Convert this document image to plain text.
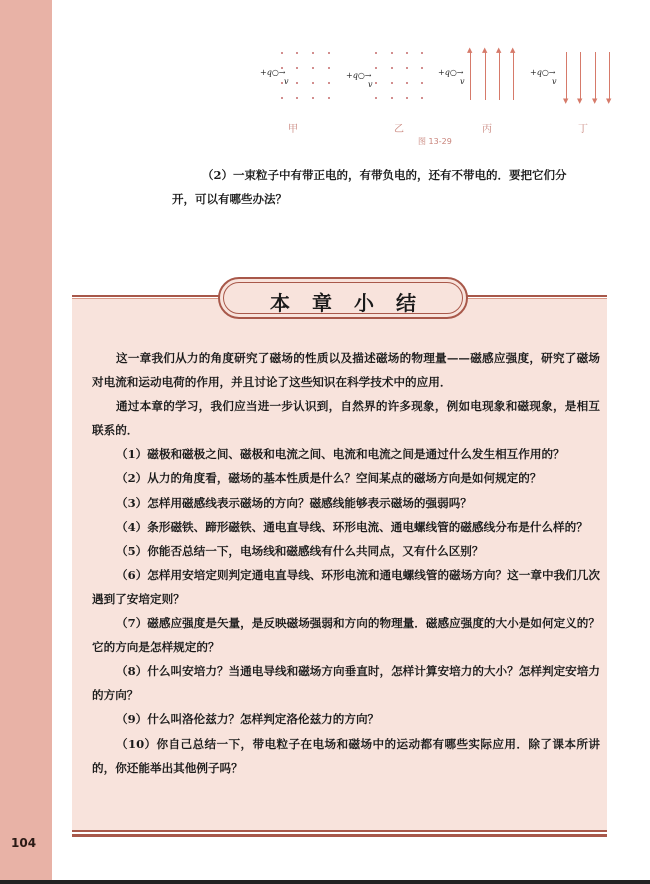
104
+q○→
v
甲
+q○→
v
乙
▲ ▲ ▲ ▲
+q○→
v
丙
▼ ▼ ▼ ▼
+q○→
v
丁
图 13-29
（2）一束粒子中有带正电的，有带负电的，还有不带电的．要把它们分
开，可以有哪些办法？
本章小结

这一章我们从力的角度研究了磁场的性质以及描述磁场的物理量——磁感应强度，研究了磁场对电流和运动电荷的作用，并且讨论了这些知识在科学技术中的应用．

通过本章的学习，我们应当进一步认识到，自然界的许多现象，例如电现象和磁现象，是相互联系的．

（1）磁极和磁极之间、磁极和电流之间、电流和电流之间是通过什么发生相互作用的？

（2）从力的角度看，磁场的基本性质是什么？空间某点的磁场方向是如何规定的？

（3）怎样用磁感线表示磁场的方向？磁感线能够表示磁场的强弱吗？

（4）条形磁铁、蹄形磁铁、通电直导线、环形电流、通电螺线管的磁感线分布是什么样的？

（5）你能否总结一下，电场线和磁感线有什么共同点，又有什么区别？

（6）怎样用安培定则判定通电直导线、环形电流和通电螺线管的磁场方向？这一章中我们几次遇到了安培定则？

（7）磁感应强度是矢量，是反映磁场强弱和方向的物理量．磁感应强度的大小是如何定义的？它的方向是怎样规定的？

（8）什么叫安培力？当通电导线和磁场方向垂直时，怎样计算安培力的大小？怎样判定安培力的方向？

（9）什么叫洛伦兹力？怎样判定洛伦兹力的方向？

（10）你自己总结一下，带电粒子在电场和磁场中的运动都有哪些实际应用．除了课本所讲的，你还能举出其他例子吗？
